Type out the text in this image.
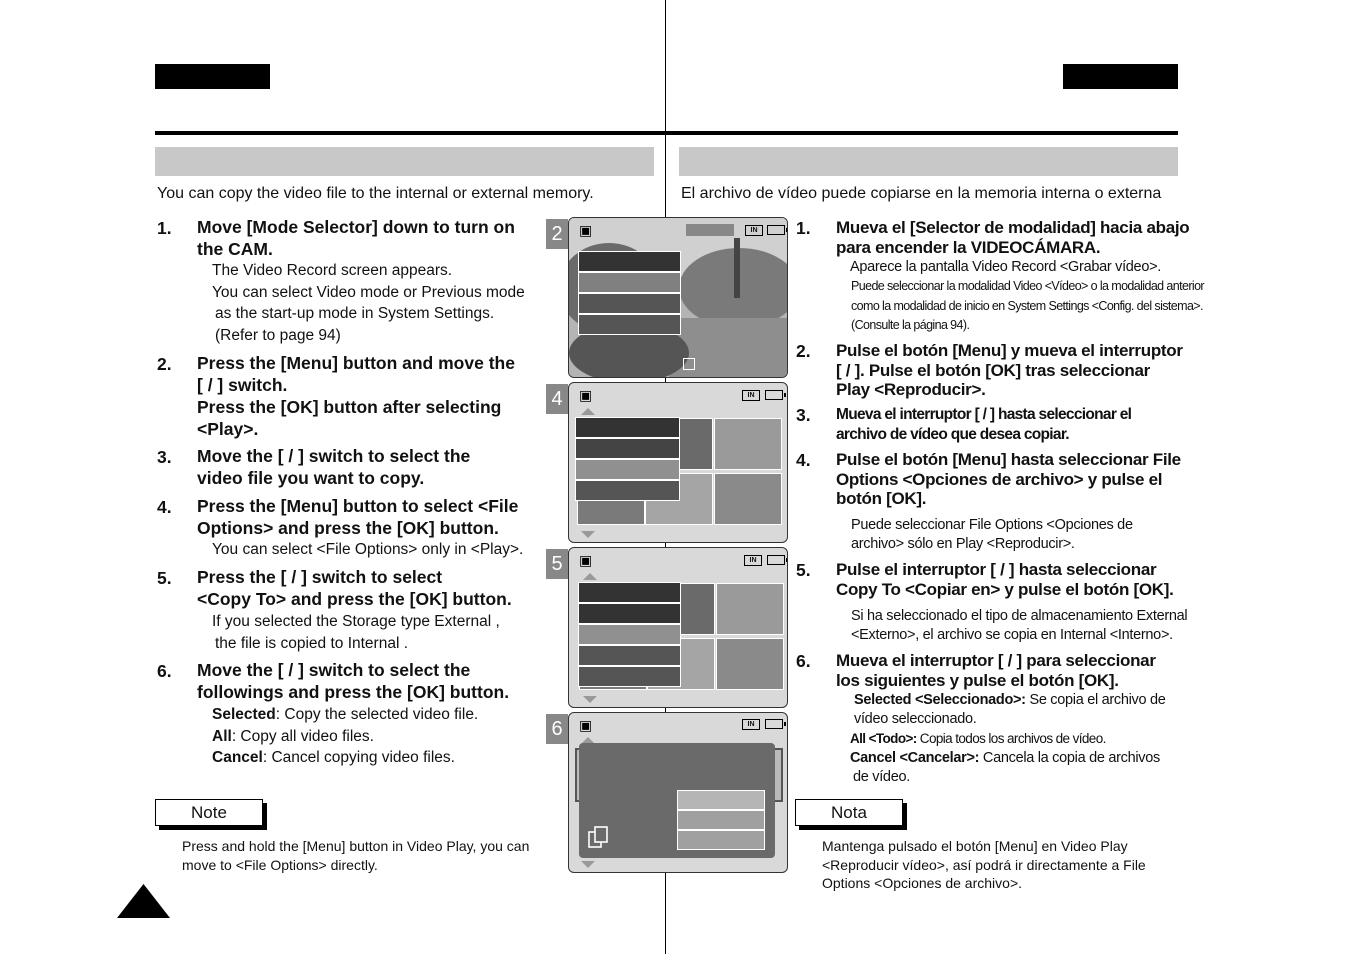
You can copy the video file to the internal or external memory.
1. Move [Mode Selector] down to turn on
the CAM.
The Video Record screen appears.
You can select Video mode or Previous mode
as the start-up mode in System Settings.
(Refer to page 94)
2. Press the [Menu] button and move the
[ / ] switch.
Press the [OK] button after selecting
<Play>.
3. Move the [ / ] switch to select the
video file you want to copy.
4. Press the [Menu] button to select <File
Options> and press the [OK] button.
You can select <File Options> only in <Play>.
5. Press the [ / ] switch to select
<Copy To> and press the [OK] button.
If you selected the Storage type External ,
the file is copied to Internal .
6. Move the [ / ] switch to select the
followings and press the [OK] button.
Selected: Copy the selected video file.
All: Copy all video files.
Cancel: Cancel copying video files.
Note
Press and hold the [Menu] button in Video Play, you can
move to <File Options> directly.
2	▣	IN
4	▣	IN
5	▣	IN
6	▣	IN
El archivo de vídeo puede copiarse en la memoria interna o externa
1. Mueva el [Selector de modalidad] hacia abajo
para encender la VIDEOCÁMARA.
Aparece la pantalla Video Record <Grabar vídeo>.
Puede seleccionar la modalidad Video <Vídeo> o la modalidad anterior
como la modalidad de inicio en System Settings <Config. del sistema>.
(Consulte la página 94).
2. Pulse el botón [Menu] y mueva el interruptor
[ / ]. Pulse el botón [OK] tras seleccionar
Play <Reproducir>.
3. Mueva el interruptor [ / ] hasta seleccionar el
archivo de vídeo que desea copiar.
4. Pulse el botón [Menu] hasta seleccionar File
Options <Opciones de archivo> y pulse el
botón [OK].
Puede seleccionar File Options <Opciones de
archivo> sólo en Play <Reproducir>.
5. Pulse el interruptor [ / ] hasta seleccionar
Copy To <Copiar en> y pulse el botón [OK].
Si ha seleccionado el tipo de almacenamiento External
<Externo>, el archivo se copia en Internal <Interno>.
6. Mueva el interruptor [ / ] para seleccionar
los siguientes y pulse el botón [OK].
Selected <Seleccionado>: Se copia el archivo de
vídeo seleccionado.
All <Todo>: Copia todos los archivos de vídeo.
Cancel <Cancelar>: Cancela la copia de archivos
de vídeo.
Nota
Mantenga pulsado el botón [Menu] en Video Play
<Reproducir vídeo>, así podrá ir directamente a File
Options <Opciones de archivo>.
